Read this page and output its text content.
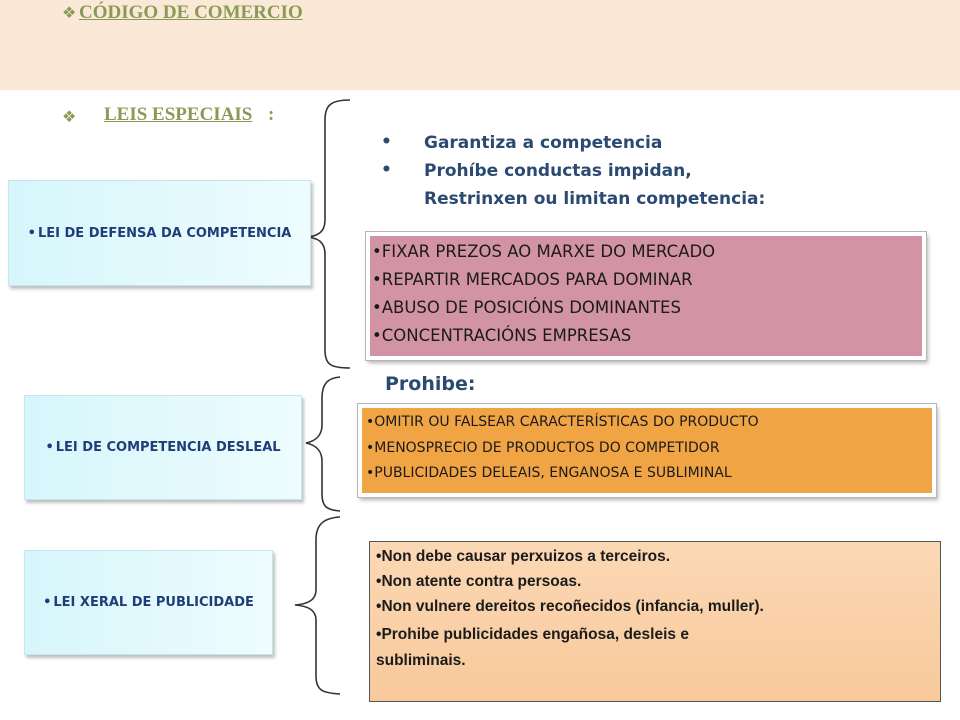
❖ CÓDIGO DE COMERCIO
❖ LEIS ESPECIAIS :
• LEI DE DEFENSA DA COMPETENCIA
• LEI DE COMPETENCIA DESLEAL
• LEI XERAL DE PUBLICIDADE
• Garantiza a competencia
• Prohíbe conductas impidan,
Restrinxen ou limitan competencia:
•FIXAR PREZOS AO MARXE DO MERCADO
•REPARTIR MERCADOS PARA DOMINAR
•ABUSO DE POSICIÓNS DOMINANTES
•CONCENTRACIÓNS EMPRESAS
Prohibe:
•OMITIR OU FALSEAR CARACTERÍSTICAS DO PRODUCTO
•MENOSPRECIO DE PRODUCTOS DO COMPETIDOR
•PUBLICIDADES DELEAIS, ENGANOSA E SUBLIMINAL
•Non debe causar perxuizos a terceiros.
•Non atente contra persoas.
•Non vulnere dereitos recoñecidos (infancia, muller).
•Prohibe publicidades engañosa, desleis e
subliminais.
